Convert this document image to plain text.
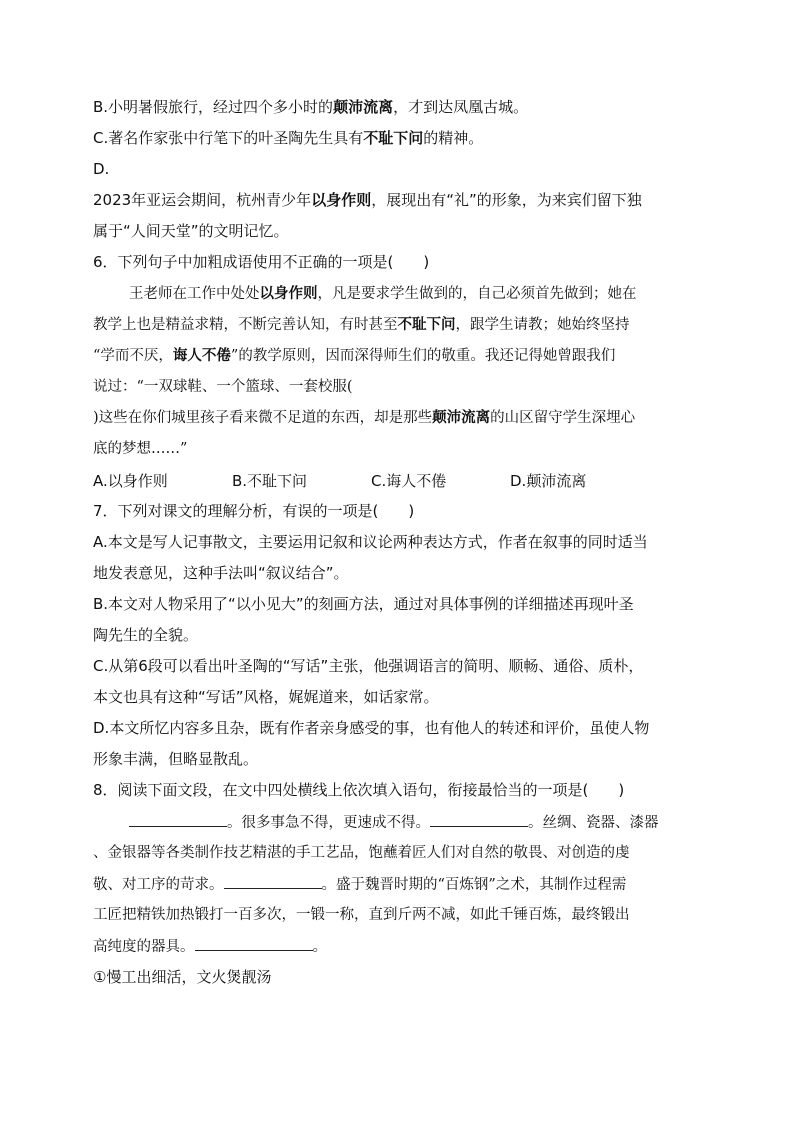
B.小明暑假旅行，经过四个多小时的颠沛流离，才到达凤凰古城。
C.著名作家张中行笔下的叶圣陶先生具有不耻下问的精神。
D.
2023年亚运会期间，杭州青少年以身作则，展现出有“礼”的形象，为来宾们留下独
属于“人间天堂”的文明记忆。
6．下列句子中加粗成语使用不正确的一项是(　　)
王老师在工作中处处以身作则，凡是要求学生做到的，自己必须首先做到；她在
教学上也是精益求精，不断完善认知，有时甚至不耻下问，跟学生请教；她始终坚持
“学而不厌，诲人不倦”的教学原则，因而深得师生们的敬重。我还记得她曾跟我们
说过：“一双球鞋、一个篮球、一套校服(
)这些在你们城里孩子看来微不足道的东西，却是那些颠沛流离的山区留守学生深埋心
底的梦想……”
A.以身作则	B.不耻下问	C.诲人不倦	D.颠沛流离
7．下列对课文的理解分析，有误的一项是(　　)
A.本文是写人记事散文，主要运用记叙和议论两种表达方式，作者在叙事的同时适当
地发表意见，这种手法叫“叙议结合”。
B.本文对人物采用了“以小见大”的刻画方法，通过对具体事例的详细描述再现叶圣
陶先生的全貌。
C.从第6段可以看出叶圣陶的“写话”主张，他强调语言的简明、顺畅、通俗、质朴，
本文也具有这种“写话”风格，娓娓道来，如话家常。
D.本文所忆内容多且杂，既有作者亲身感受的事，也有他人的转述和评价，虽使人物
形象丰满，但略显散乱。
8．阅读下面文段，在文中四处横线上依次填入语句，衔接最恰当的一项是(　　)
。很多事急不得，更速成不得。	。丝绸、瓷器、漆器
、金银器等各类制作技艺精湛的手工艺品，饱蘸着匠人们对自然的敬畏、对创造的虔
敬、对工序的苛求。	。盛于魏晋时期的“百炼钢”之术，其制作过程需
工匠把精铁加热锻打一百多次，一锻一称，直到斤两不减，如此千锤百炼，最终锻出
高纯度的器具。	。
①慢工出细活，文火煲靓汤
